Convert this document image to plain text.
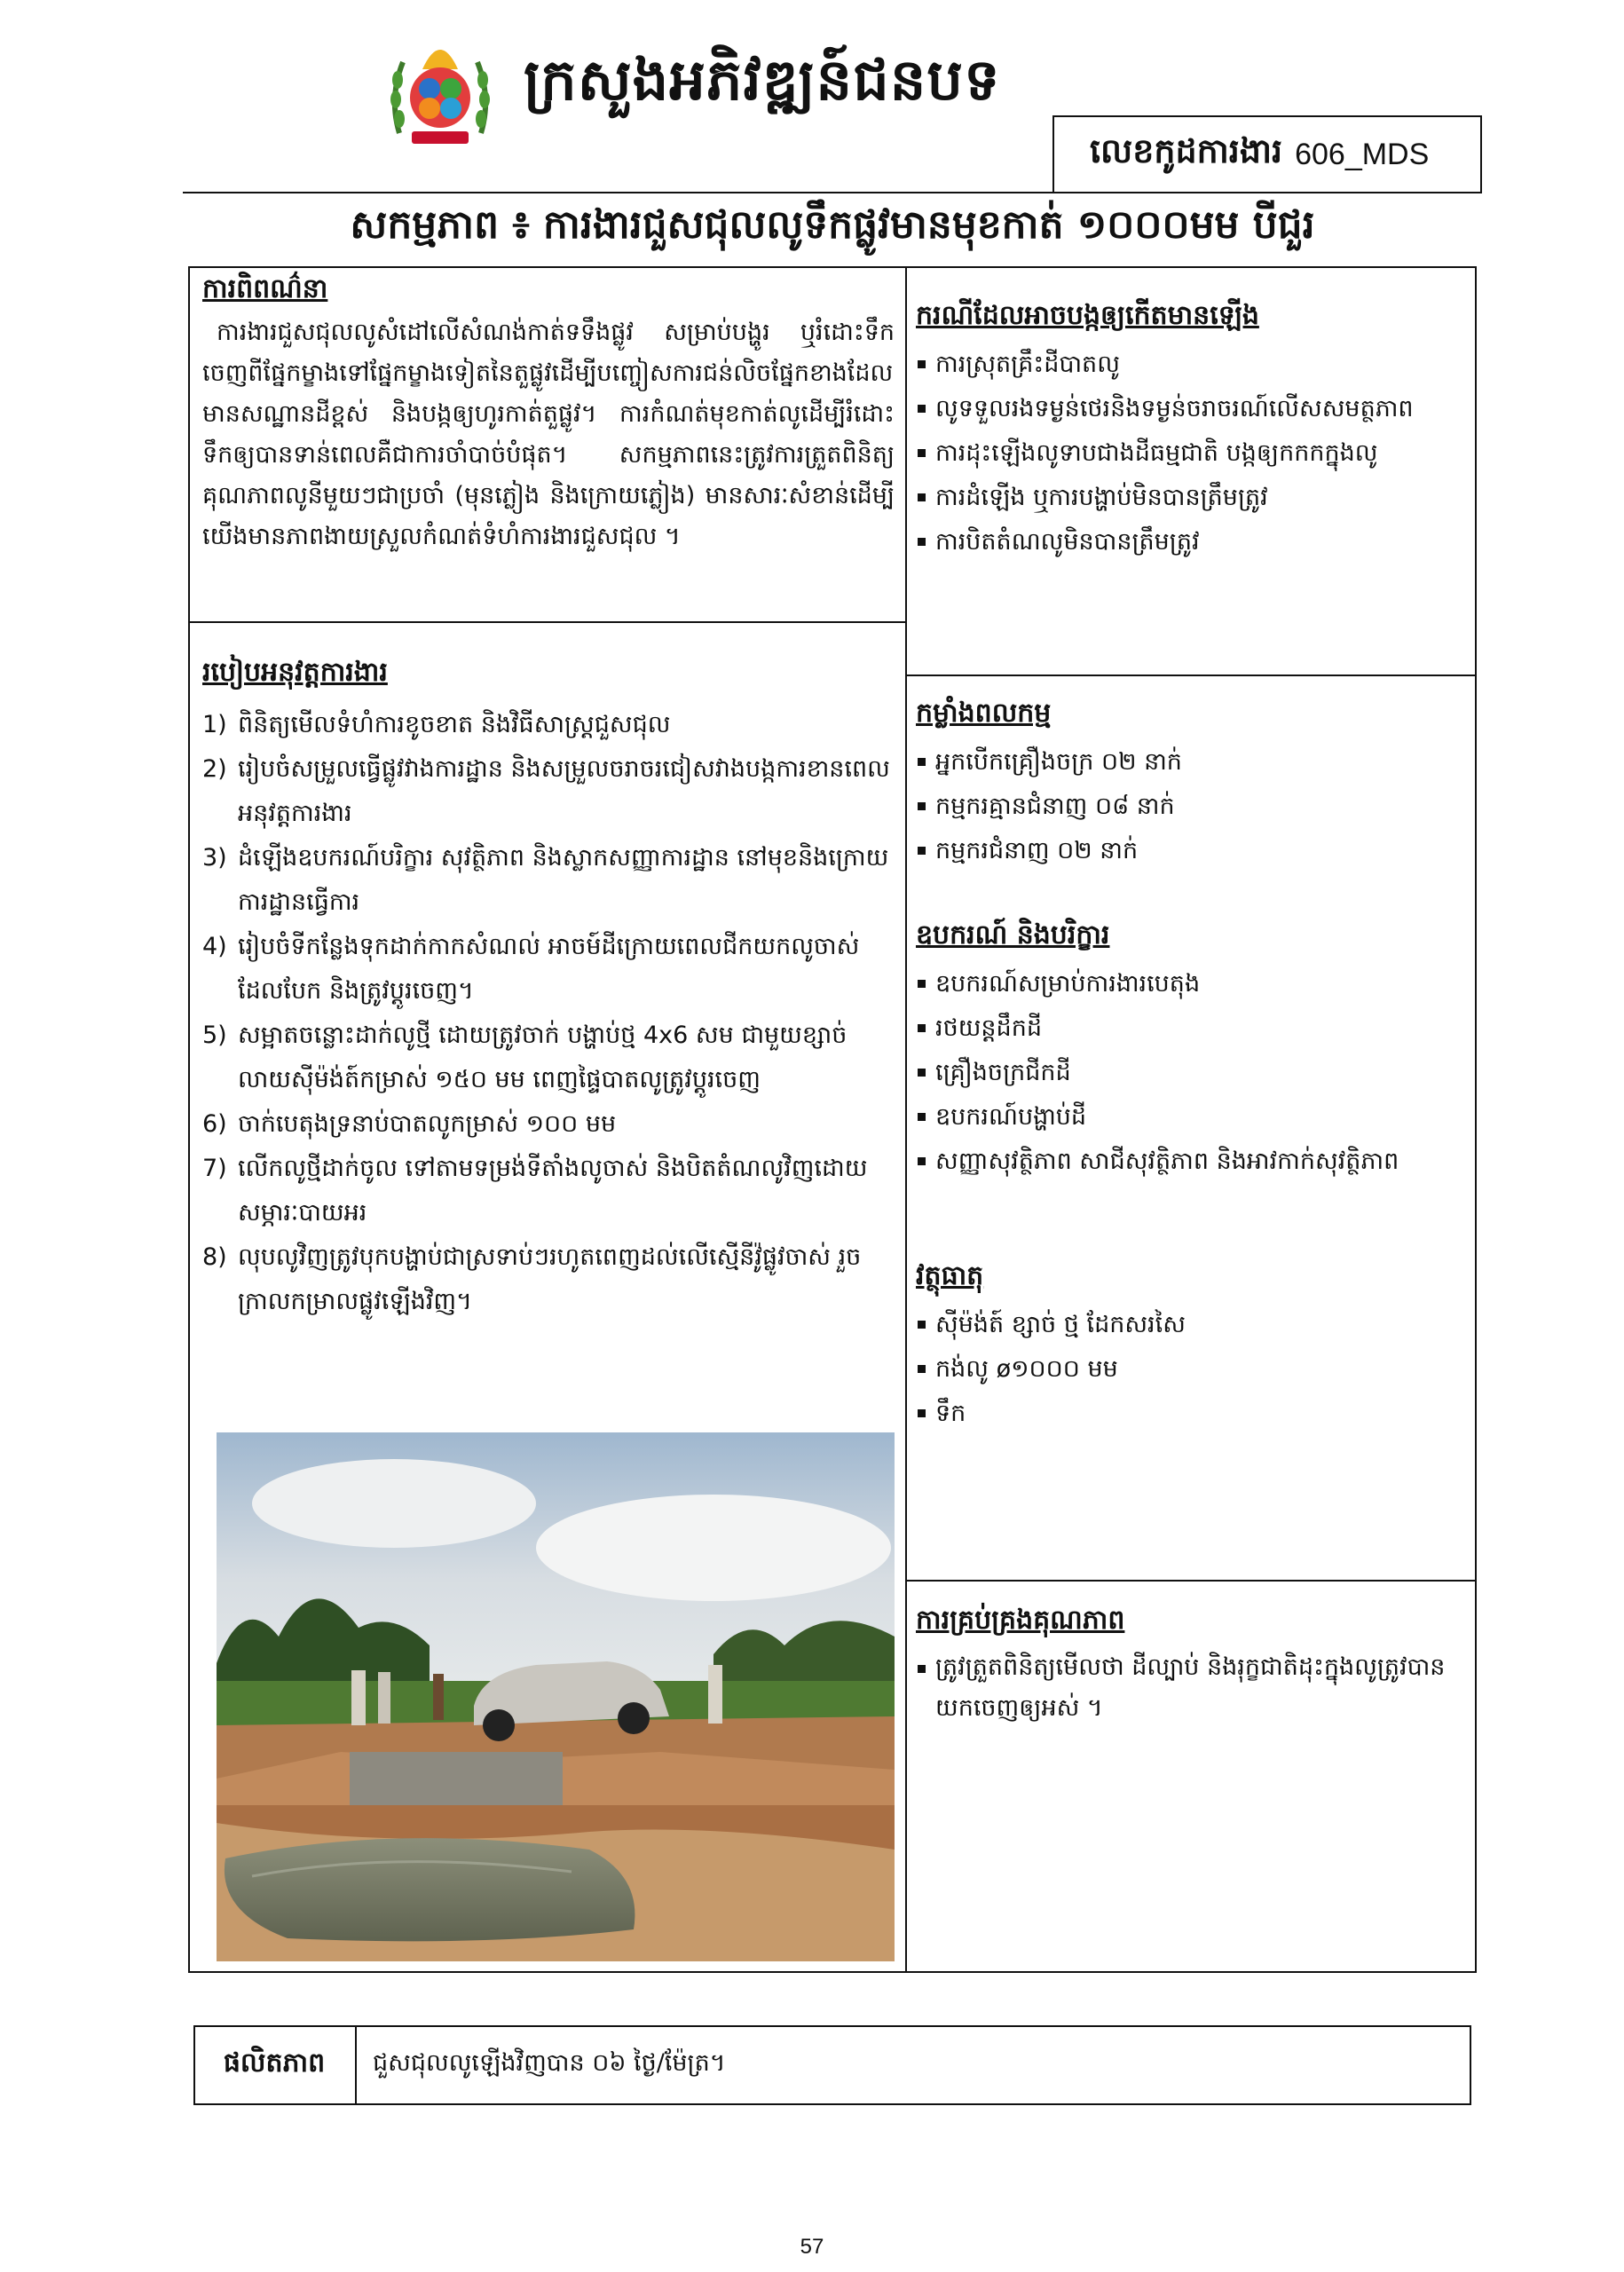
ក្រសួងអភិវឌ្ឍន៍ជនបទ
លេខកូដការងារ 606_MDS
សកម្មភាព ៖ ការងារជួសជុលលូទឹកផ្លូវមានមុខកាត់ ១០០០មម បីជួរ
ការពិពណ៌នា
ការងារជួសជុលលូសំដៅលើសំណង់កាត់ទទឹងផ្លូវ សម្រាប់បង្ហូរ ឬរំដោះទឹកចេញពីផ្នែកម្ខាងទៅផ្នែកម្ខាងទៀតនៃតួផ្លូវដើម្បីបញ្ចៀសការជន់លិចផ្នែកខាងដែលមានសណ្ឋានដីខ្ពស់ និងបង្កឲ្យហូរកាត់តួផ្លូវ។ ការកំណត់មុខកាត់លូដើម្បីរំដោះទឹកឲ្យបានទាន់ពេលគឺជាការចាំបាច់បំផុត។ សកម្មភាពនេះត្រូវការត្រួតពិនិត្យគុណភាពលូនីមួយៗជាប្រចាំ (មុនភ្លៀង និងក្រោយភ្លៀង) មានសារៈសំខាន់ដើម្បីយើងមានភាពងាយស្រួលកំណត់ទំហំការងារជួសជុល ។
ករណីដែលអាចបង្កឲ្យកើតមានឡើង
ការស្រុតគ្រឹះដីបាតលូ
លូទទួលរងទម្ងន់ថេរនិងទម្ងន់ចរាចរណ៍លើសសមត្ថភាព
ការដុះឡើងលូទាបជាងដីធម្មជាតិ បង្កឲ្យកកកក្នុងលូ
ការដំឡើង ឬការបង្ហាប់មិនបានត្រឹមត្រូវ
ការបិតតំណលូមិនបានត្រឹមត្រូវ
របៀបអនុវត្តការងារ
1) ពិនិត្យមើលទំហំការខូចខាត និងវិធីសាស្ត្រជួសជុល
2) រៀបចំសម្រួលធ្វើផ្លូវវាងការដ្ឋាន និងសម្រួលចរាចរជៀសវាងបង្កការខានពេលអនុវត្តការងារ
3) ដំឡើងឧបករណ៍បរិក្ខារ សុវត្ថិភាព និងស្លាកសញ្ញាការដ្ឋាន នៅមុខនិងក្រោយការដ្ឋានធ្វើការ
4) រៀបចំទីកន្លែងទុកដាក់កាកសំណល់ អាចម៍ដីក្រោយពេលជីកយកលូចាស់ដែលបែក និងត្រូវប្តូរចេញ។
5) សម្អាតចន្លោះដាក់លូថ្មី ដោយត្រូវចាក់ បង្ហាប់ថ្ម 4x6 សម ជាមួយខ្សាច់លាយស៊ីម៉ង់ត៍កម្រាស់ ១៥០ មម ពេញផ្ទៃបាតលូត្រូវប្តូរចេញ
6) ចាក់បេតុងទ្រនាប់បាតលូកម្រាស់ ១០០ មម
7) លើកលូថ្មីដាក់ចូល ទៅតាមទម្រង់ទីតាំងលូចាស់ និងបិតតំណលូវិញដោយសម្ភារៈបាយអរ
8) លុបលូវិញត្រូវបុកបង្ហាប់ជាស្រទាប់ៗរហូតពេញដល់លើស្មើនីវ៉ូផ្លូវចាស់ រួចក្រាលកម្រាលផ្លូវឡើងវិញ។
កម្លាំងពលកម្ម
អ្នកបើកគ្រឿងចក្រ ០២ នាក់
កម្មករគ្មានជំនាញ ០៨ នាក់
កម្មករជំនាញ ០២ នាក់
ឧបករណ៍ និងបរិក្ខារ
ឧបករណ៍សម្រាប់ការងារបេតុង
រថយន្តដឹកដី
គ្រឿងចក្រជីកដី
ឧបករណ៍បង្ហាប់ដី
សញ្ញាសុវត្ថិភាព សាជីសុវត្ថិភាព និងអាវកាក់សុវត្ថិភាព
វត្ថុធាតុ
ស៊ីម៉ង់ត៍ ខ្សាច់ ថ្ម ដែកសរសៃ
កង់លូ ø១០០០ មម
ទឹក
ការគ្រប់គ្រងគុណភាព
ត្រូវត្រួតពិនិត្យមើលថា ដីល្បាប់ និងរុក្ខជាតិដុះក្នុងលូត្រូវបានយកចេញឲ្យអស់ ។
ផលិតភាព	ជួសជុលលូឡើងវិញបាន ០៦ ថ្ងៃ/ម៉ែត្រ។
57
